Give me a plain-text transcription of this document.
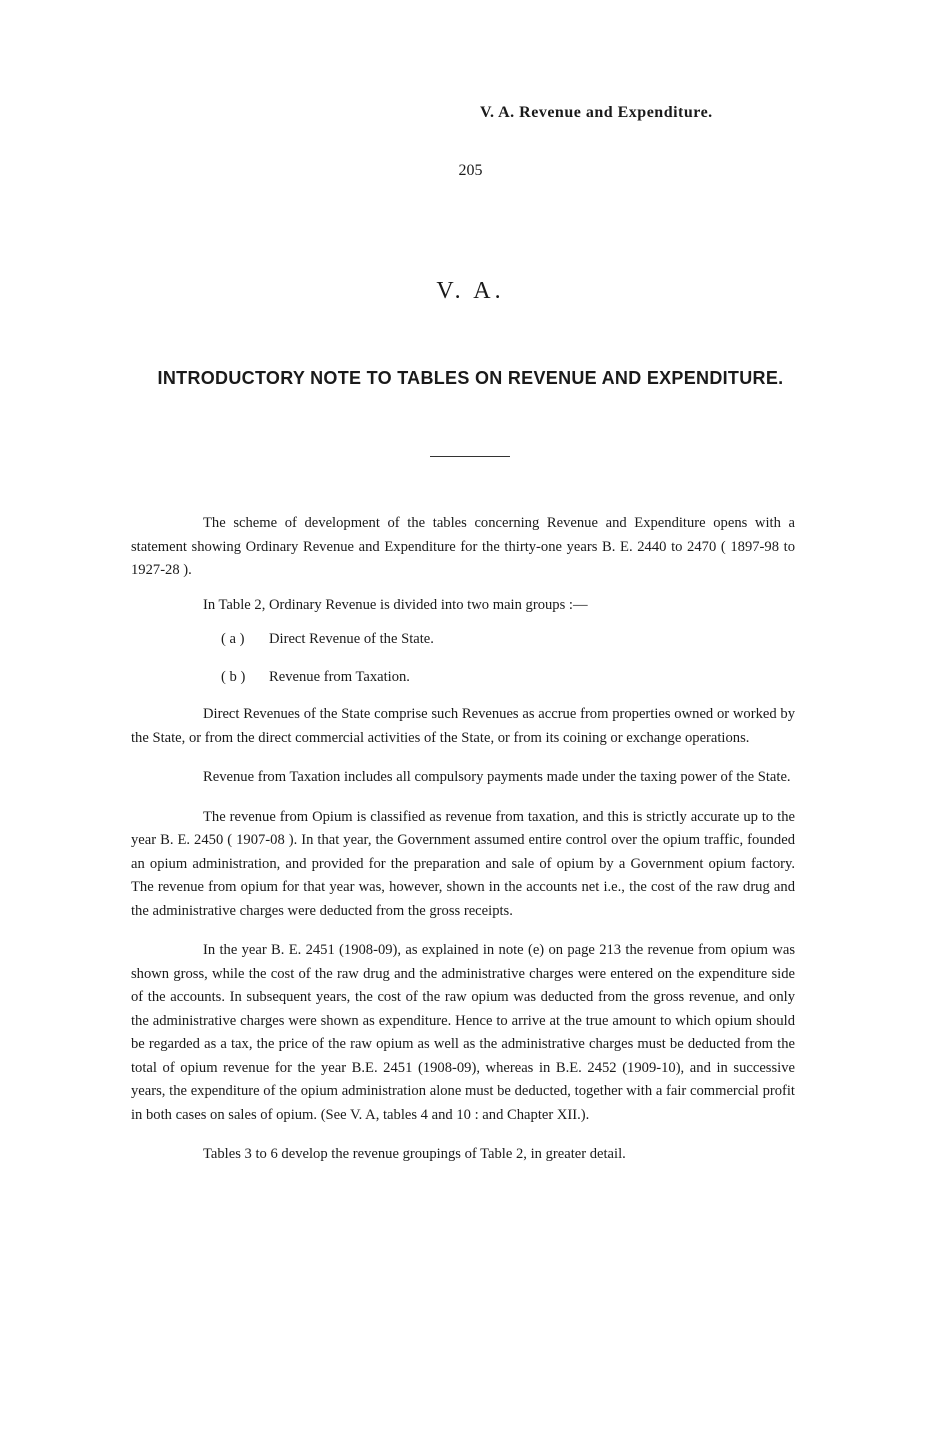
V. A. Revenue and Expenditure.
205
V. A.
INTRODUCTORY NOTE TO TABLES ON REVENUE AND EXPENDITURE.

The scheme of development of the tables concerning Revenue and Expenditure opens with a statement showing Ordinary Revenue and Expenditure for the thirty-one years B. E. 2440 to 2470 ( 1897-98 to 1927-28 ).

In Table 2, Ordinary Revenue is divided into two main groups :—

( a ) Direct Revenue of the State.
( b ) Revenue from Taxation.

Direct Revenues of the State comprise such Revenues as accrue from properties owned or worked by the State, or from the direct commercial activities of the State, or from its coining or exchange operations.

Revenue from Taxation includes all compulsory payments made under the taxing power of the State.

The revenue from Opium is classified as revenue from taxation, and this is strictly accurate up to the year B. E. 2450 ( 1907-08 ). In that year, the Government assumed entire control over the opium traffic, founded an opium administration, and provided for the preparation and sale of opium by a Government opium factory. The revenue from opium for that year was, however, shown in the accounts net i.e., the cost of the raw drug and the administrative charges were deducted from the gross receipts.

In the year B. E. 2451 (1908-09), as explained in note (e) on page 213 the revenue from opium was shown gross, while the cost of the raw drug and the administrative charges were entered on the expenditure side of the accounts. In subsequent years, the cost of the raw opium was deducted from the gross revenue, and only the administrative charges were shown as expenditure. Hence to arrive at the true amount to which opium should be regarded as a tax, the price of the raw opium as well as the administrative charges must be deducted from the total of opium revenue for the year B.E. 2451 (1908-09), whereas in B.E. 2452 (1909-10), and in successive years, the expenditure of the opium administration alone must be deducted, together with a fair commercial profit in both cases on sales of opium. (See V. A, tables 4 and 10 : and Chapter XII.).

Tables 3 to 6 develop the revenue groupings of Table 2, in greater detail.
